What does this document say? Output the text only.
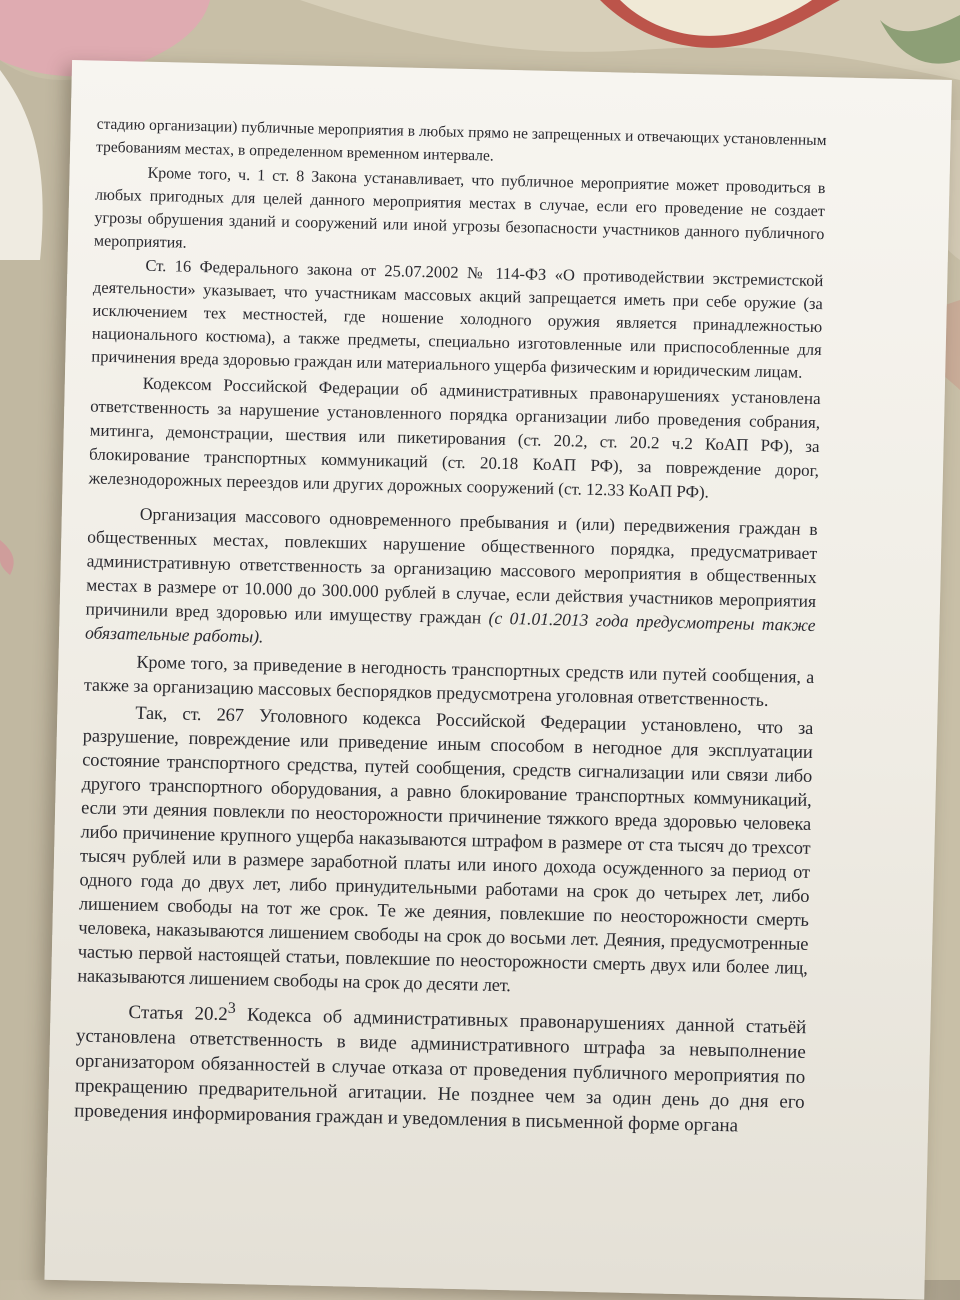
стадию организации) публичные мероприятия в любых прямо не запрещенных и отвечающих установленным требованиям местах, в определенном временном интервале.

Кроме того, ч. 1 ст. 8 Закона устанавливает, что публичное мероприятие может проводиться в любых пригодных для целей данного мероприятия местах в случае, если его проведение не создает угрозы обрушения зданий и сооружений или иной угрозы безопасности участников данного публичного мероприятия.

Ст. 16 Федерального закона от 25.07.2002 № 114-ФЗ «О противодействии экстремистской деятельности» указывает, что участникам массовых акций запрещается иметь при себе оружие (за исключением тех местностей, где ношение холодного оружия является принадлежностью национального костюма), а также предметы, специально изготовленные или приспособленные для причинения вреда здоровью граждан или материального ущерба физическим и юридическим лицам.

Кодексом Российской Федерации об административных правонарушениях установлена ответственность за нарушение установленного порядка организации либо проведения собрания, митинга, демонстрации, шествия или пикетирования (ст. 20.2, ст. 20.2 ч.2 КоАП РФ), за блокирование транспортных коммуникаций (ст. 20.18 КоАП РФ), за повреждение дорог, железнодорожных переездов или других дорожных сооружений (ст. 12.33 КоАП РФ).

Организация массового одновременного пребывания и (или) передвижения граждан в общественных местах, повлекших нарушение общественного порядка, предусматривает административную ответственность за организацию массового мероприятия в общественных местах в размере от 10.000 до 300.000 рублей в случае, если действия участников мероприятия причинили вред здоровью или имуществу граждан (с 01.01.2013 года предусмотрены также обязательные работы).

Кроме того, за приведение в негодность транспортных средств или путей сообщения, а также за организацию массовых беспорядков предусмотрена уголовная ответственность.

Так, ст. 267 Уголовного кодекса Российской Федерации установлено, что за разрушение, повреждение или приведение иным способом в негодное для эксплуатации состояние транспортного средства, путей сообщения, средств сигнализации или связи либо другого транспортного оборудования, а равно блокирование транспортных коммуникаций, если эти деяния повлекли по неосторожности причинение тяжкого вреда здоровью человека либо причинение крупного ущерба наказываются штрафом в размере от ста тысяч до трехсот тысяч рублей или в размере заработной платы или иного дохода осужденного за период от одного года до двух лет, либо принудительными работами на срок до четырех лет, либо лишением свободы на тот же срок. Те же деяния, повлекшие по неосторожности смерть человека, наказываются лишением свободы на срок до восьми лет. Деяния, предусмотренные частью первой настоящей статьи, повлекшие по неосторожности смерть двух или более лиц, наказываются лишением свободы на срок до десяти лет.

Статья 20.2$^3$ Кодекса об административных правонарушениях данной статьёй установлена ответственность в виде административного штрафа за невыполнение организатором обязанностей в случае отказа от проведения публичного мероприятия по прекращению предварительной агитации. Не позднее чем за один день до дня его проведения информирования граждан и уведомления в письменной форме органа
